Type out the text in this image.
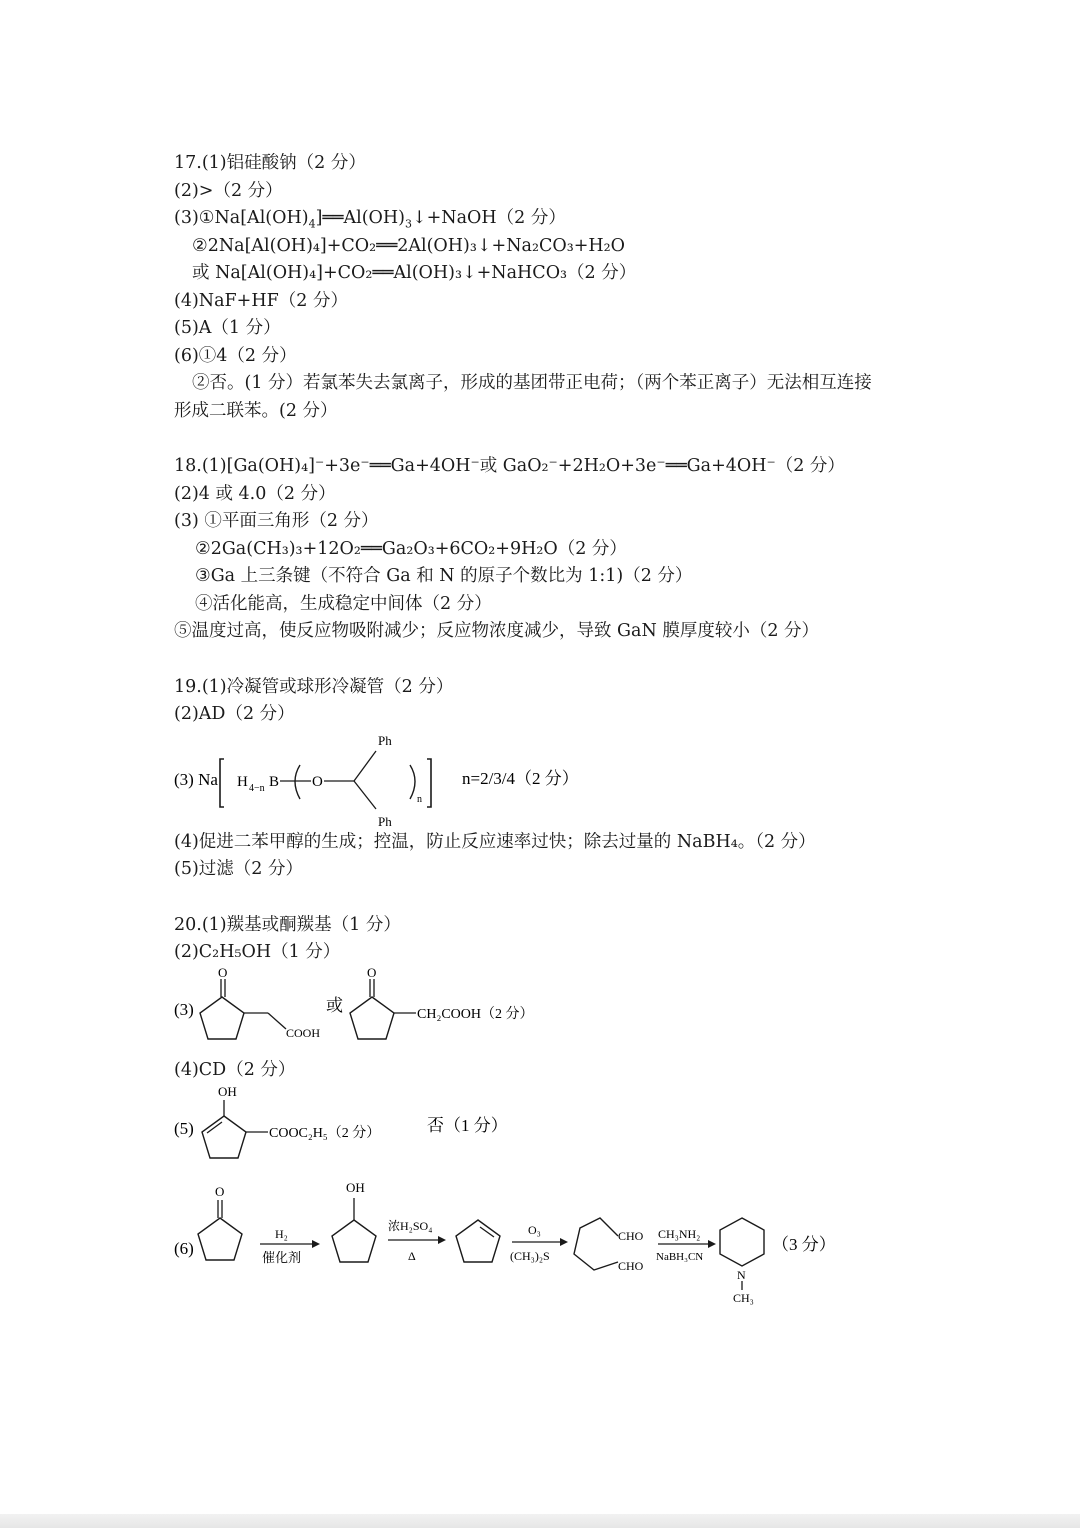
17.(1)铝硅酸钠（2 分）
(2)>（2 分）
$(3)①Na[Al(OH)_4]══Al(OH)_3↓+NaOH(2$ 分）
②2Na[Al(OH)₄]+CO₂══2Al(OH)₃↓+Na₂CO₃+H₂O
或 Na[Al(OH)₄]+CO₂══Al(OH)₃↓+NaHCO₃（2 分）
(4)NaF+HF（2 分）
(5)A（1 分）
(6)①4（2 分）
②否。(1 分）若氯苯失去氯离子，形成的基团带正电荷；（两个苯正离子）无法相互连接
形成二联苯。(2 分）
18.(1)[Ga(OH)₄]⁻+3e⁻══Ga+4OH⁻或 GaO₂⁻+2H₂O+3e⁻══Ga+4OH⁻（2 分）
(2)4 或 4.0（2 分）
(3) ①平面三角形（2 分）
②2Ga(CH₃)₃+12O₂══Ga₂O₃+6CO₂+9H₂O（2 分）
③Ga 上三条键（不符合 Ga 和 N 的原子个数比为 1:1)（2 分）
④活化能高，生成稳定中间体（2 分）
⑤温度过高，使反应物吸附减少；反应物浓度减少，导致 GaN 膜厚度较小（2 分）
19.(1)冷凝管或球形冷凝管（2 分）
(2)AD（2 分）
(3) Na H 4−n B O
Ph
Ph
n
n=2/3/4（2 分）
(4)促进二苯甲醇的生成；控温，防止反应速率过快；除去过量的 NaBH₄。（2 分）
(5)过滤（2 分）
20.(1)羰基或酮羰基（1 分）
(2)C₂H₅OH（1 分）
(3)
O
COOH
或
O
CH₂COOH（2 分）
(4)CD（2 分）
(5)
OH
COOC₂H₅（2 分）	否（1 分）
(6)
O
H₂
催化剂
OH
浓H₂SO₄
Δ
O₃
(CH₃)₂S
CHO
CHO
CH₃NH₂
NaBH₃CN
N
CH₃
（3 分）
